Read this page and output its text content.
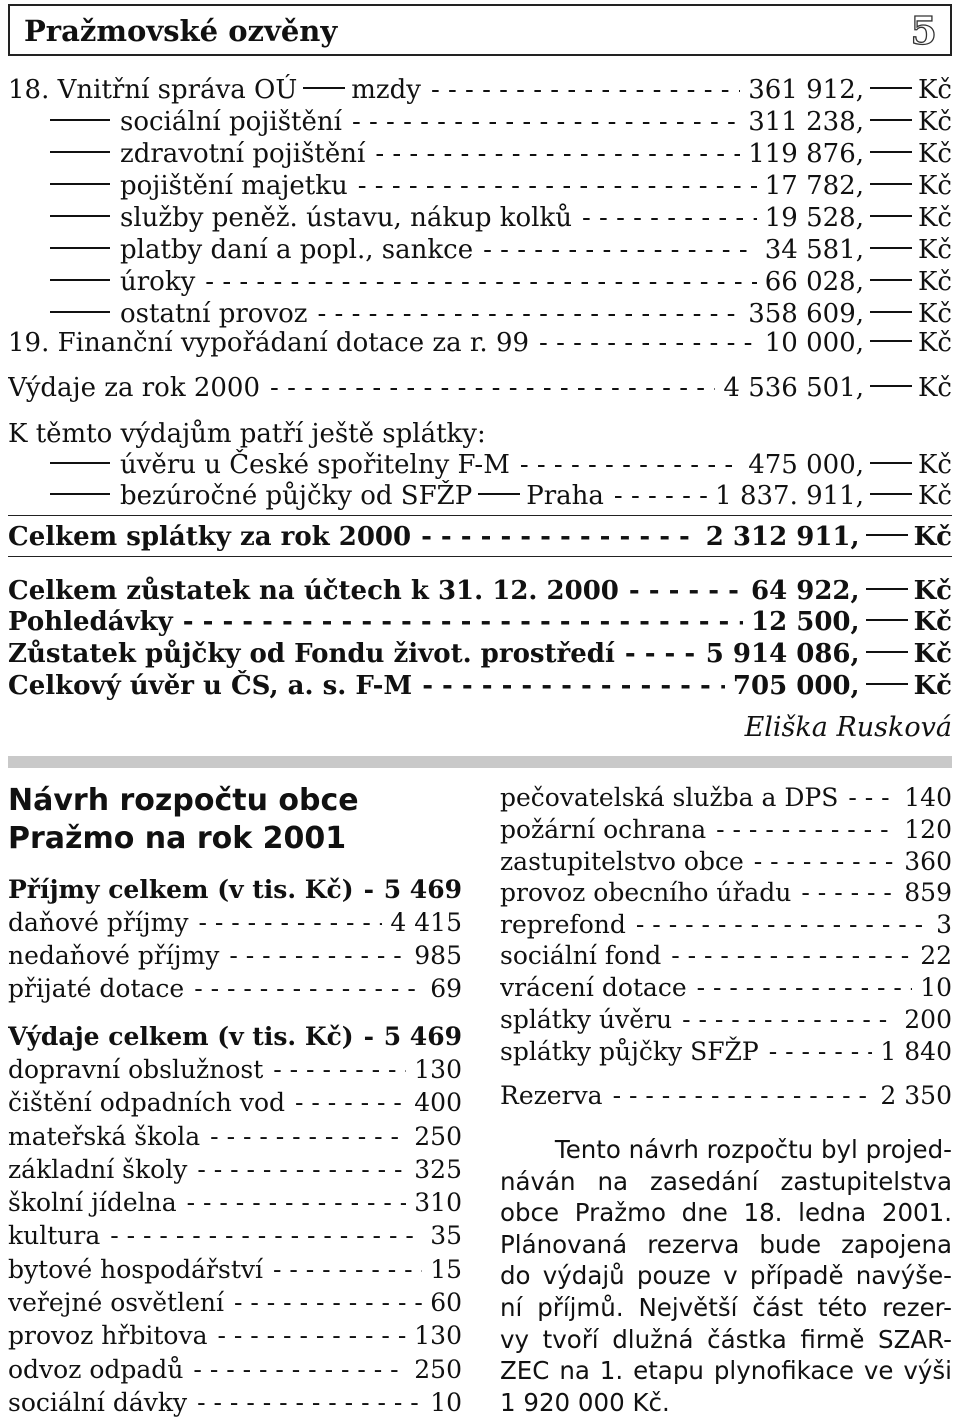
Pražmovské ozvěny	5
18. Vnitřní správa OÚ mzdy - - -	361 912, Kč
sociální pojištění - - -	311 238, Kč
zdravotní pojištění - - -	119 876, Kč
pojištění majetku - - -	17 782, Kč
služby peněž. ústavu, nákup kolků - - -	19 528, Kč
platby daní a popl., sankce - - -	34 581, Kč
úroky - - -	66 028, Kč
ostatní provoz - - -	358 609, Kč
19. Finanční vypořádaní dotace za r. 99 - - -	10 000, Kč
Výdaje za rok 2000 - - -	4 536 501, Kč
K těmto výdajům patří ještě splátky:
úvěru u České spořitelny F-M - - -	475 000, Kč
bezúročné půjčky od SFŽP Praha - - -	1 837. 911, Kč
Celkem splátky za rok 2000 - - -	2 312 911, Kč
Celkem zůstatek na účtech k 31. 12. 2000 - - -	64 922, Kč
Pohledávky - - -	12 500, Kč
Zůstatek půjčky od Fondu život. prostředí - - -	5 914 086, Kč
Celkový úvěr u ČS, a. s. F-M - - -	705 000, Kč
Eliška Rusková
Návrh rozpočtu obce
Pražmo na rok 2001
Příjmy celkem (v tis. Kč) - - - 5 469
daňové příjmy - - -	4 415
nedaňové příjmy - - -	985
přijaté dotace - - -	69
Výdaje celkem (v tis. Kč) - - - 5 469
dopravní obslužnost - - -	130
čištění odpadních vod - - -	400
mateřská škola - - -	250
základní školy - - -	325
školní jídelna - - -	310
kultura - - -	35
bytové hospodářství - - -	15
veřejné osvětlení - - -	60
provoz hřbitova - - -	130
odvoz odpadů - - -	250
sociální dávky - - -	10
pečovatelská služba a DPS - - -	140
požární ochrana - - -	120
zastupitelstvo obce - - -	360
provoz obecního úřadu - - -	859
reprefond - - -	3
sociální fond - - -	22
vrácení dotace - - -	10
splátky úvěru - - -	200
splátky půjčky SFŽP - - -	1 840
Rezerva - - -	2 350
Tento návrh rozpočtu byl projed-
náván na zasedání zastupitelstva
obce Pražmo dne 18. ledna 2001.
Plánovaná rezerva bude zapojena
do výdajů pouze v případě navýše-
ní příjmů. Největší část této rezer-
vy tvoří dlužná částka firmě SZAR-
ZEC na 1. etapu plynofikace ve výši
1 920 000 Kč.
